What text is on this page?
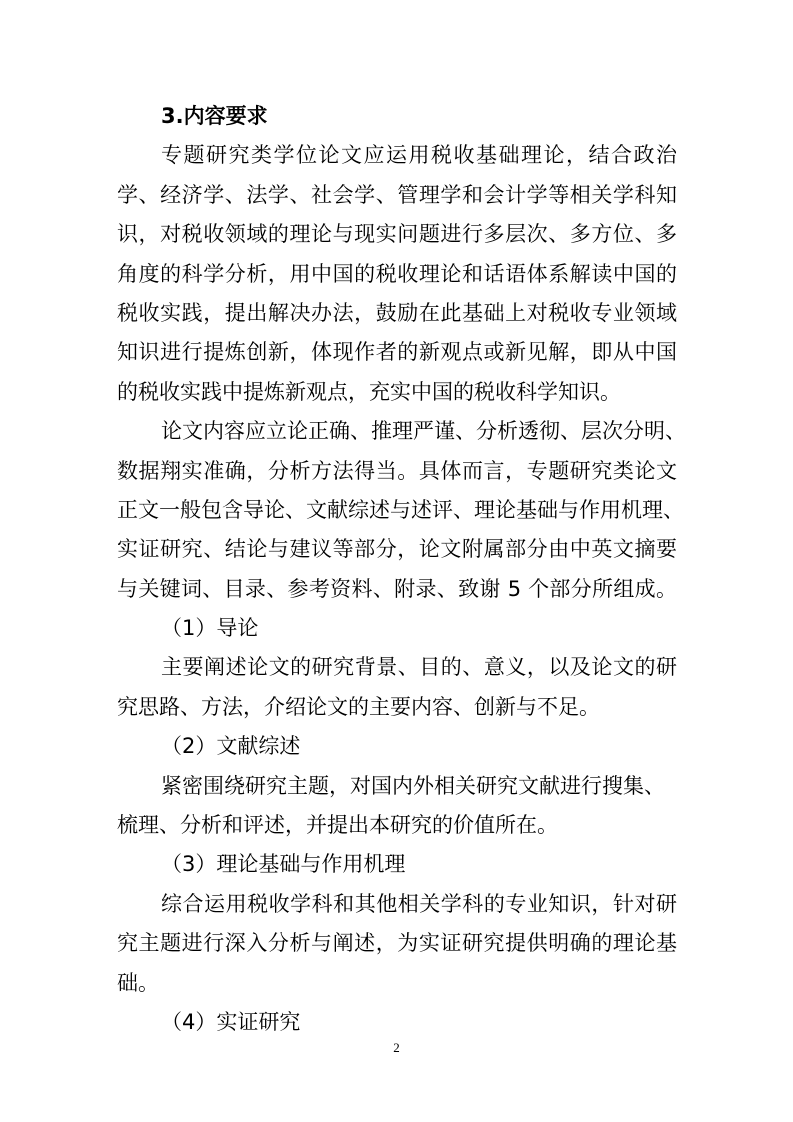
3.内容要求
专题研究类学位论文应运用税收基础理论，结合政治
学、经济学、法学、社会学、管理学和会计学等相关学科知
识，对税收领域的理论与现实问题进行多层次、多方位、多
角度的科学分析，用中国的税收理论和话语体系解读中国的
税收实践，提出解决办法，鼓励在此基础上对税收专业领域
知识进行提炼创新，体现作者的新观点或新见解，即从中国
的税收实践中提炼新观点，充实中国的税收科学知识。
论文内容应立论正确、推理严谨、分析透彻、层次分明、
数据翔实准确，分析方法得当。具体而言，专题研究类论文
正文一般包含导论、文献综述与述评、理论基础与作用机理、
实证研究、结论与建议等部分，论文附属部分由中英文摘要
与关键词、目录、参考资料、附录、致谢 5 个部分所组成。
（1）导论
主要阐述论文的研究背景、目的、意义，以及论文的研
究思路、方法，介绍论文的主要内容、创新与不足。
（2）文献综述
紧密围绕研究主题，对国内外相关研究文献进行搜集、
梳理、分析和评述，并提出本研究的价值所在。
（3）理论基础与作用机理
综合运用税收学科和其他相关学科的专业知识，针对研
究主题进行深入分析与阐述，为实证研究提供明确的理论基
础。
（4）实证研究
2
